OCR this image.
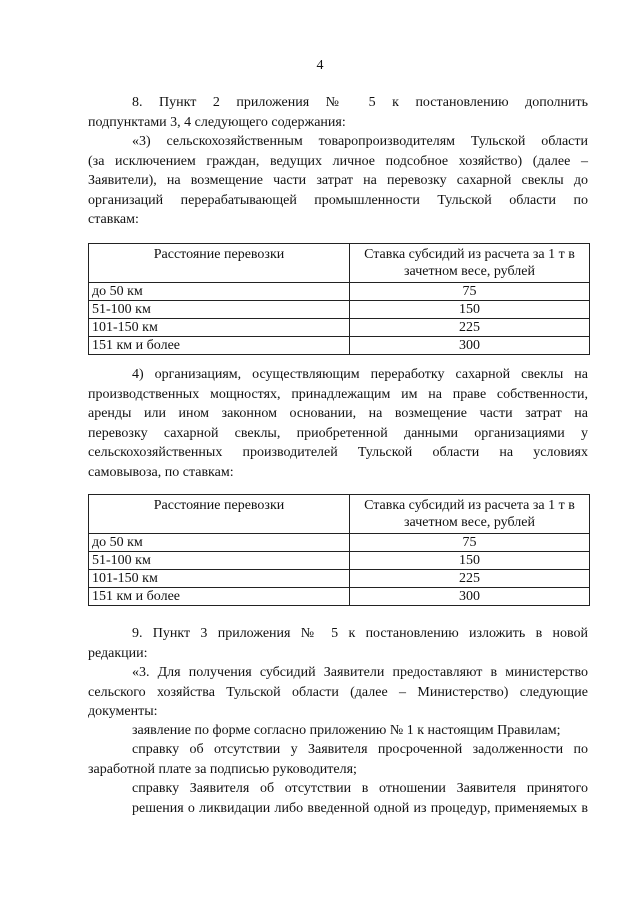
4

8. Пункт 2 приложения № 5 к постановлению дополнить

подпунктами 3, 4 следующего содержания:

«3) сельскохозяйственным товаропроизводителям Тульской области

(за исключением граждан, ведущих личное подсобное хозяйство) (далее –

Заявители), на возмещение части затрат на перевозку сахарной свеклы до

организаций перерабатывающей промышленности Тульской области по

ставкам:

Расстояние перевозки	Ставка субсидий из расчета за 1 т в зачетном весе, рублей
до 50 км	75
51-100 км	150
101-150 км	225
151 км и более	300

4) организациям, осуществляющим переработку сахарной свеклы на

производственных мощностях, принадлежащим им на праве собственности,

аренды или ином законном основании, на возмещение части затрат на

перевозку сахарной свеклы, приобретенной данными организациями у

сельскохозяйственных производителей Тульской области на условиях

самовывоза, по ставкам:

Расстояние перевозки	Ставка субсидий из расчета за 1 т в зачетном весе, рублей
до 50 км	75
51-100 км	150
101-150 км	225
151 км и более	300

9. Пункт 3 приложения № 5 к постановлению изложить в новой

редакции:

«3. Для получения субсидий Заявители предоставляют в министерство

сельского хозяйства Тульской области (далее – Министерство) следующие

документы:

заявление по форме согласно приложению № 1 к настоящим Правилам;

справку об отсутствии у Заявителя просроченной задолженности по

заработной плате за подписью руководителя;

справку Заявителя об отсутствии в отношении Заявителя принятого

решения о ликвидации либо введенной одной из процедур, применяемых в
